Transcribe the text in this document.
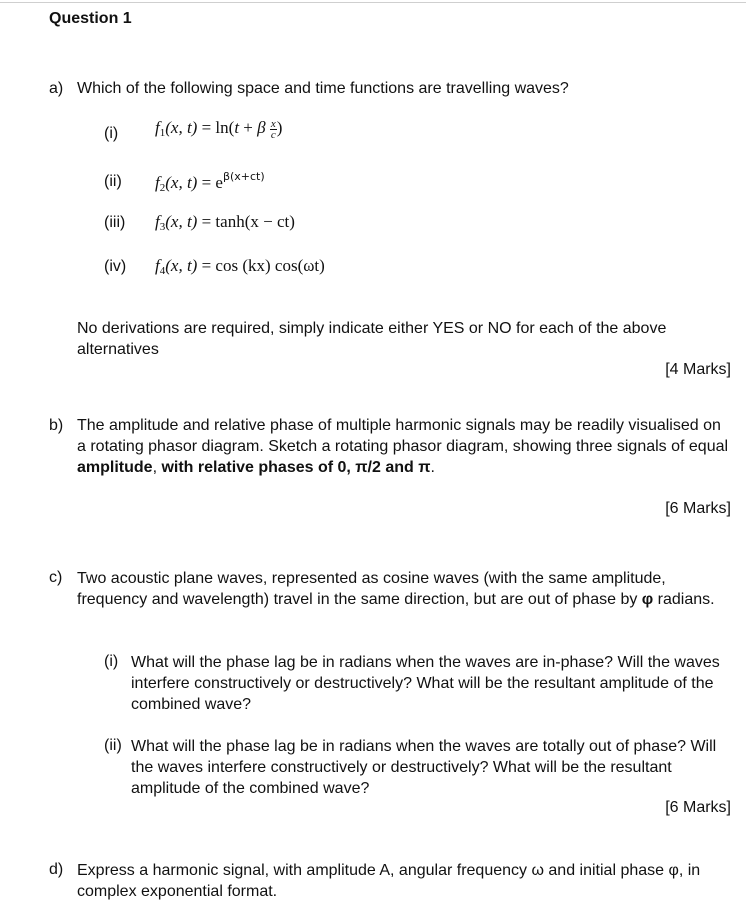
Question 1
a) Which of the following space and time functions are travelling waves?
(i) $f_1(x$, t) = ln(t + β $\frac{x}{c}$ )
(ii) $f_2(x$, $t) = e^{\beta(x+ct)}$
(iii) $f_3(x$, t) = tanh(x − ct)
(iv) $f_4(x$, t) = cos (kx) cos(ωt)
No derivations are required, simply indicate either YES or NO for each of the above alternatives
[4 Marks]
b) The amplitude and relative phase of multiple harmonic signals may be readily visualised on a rotating phasor diagram. Sketch a rotating phasor diagram, showing three signals of equal amplitude, with relative phases of 0, π/2 and π.
[6 Marks]
c) Two acoustic plane waves, represented as cosine waves (with the same amplitude, frequency and wavelength) travel in the same direction, but are out of phase by φ radians.
(i) What will the phase lag be in radians when the waves are in-phase? Will the waves interfere constructively or destructively? What will be the resultant amplitude of the combined wave?
(ii) What will the phase lag be in radians when the waves are totally out of phase? Will the waves interfere constructively or destructively? What will be the resultant amplitude of the combined wave?
[6 Marks]
d) Express a harmonic signal, with amplitude A, angular frequency ω and initial phase φ, in complex exponential format.
